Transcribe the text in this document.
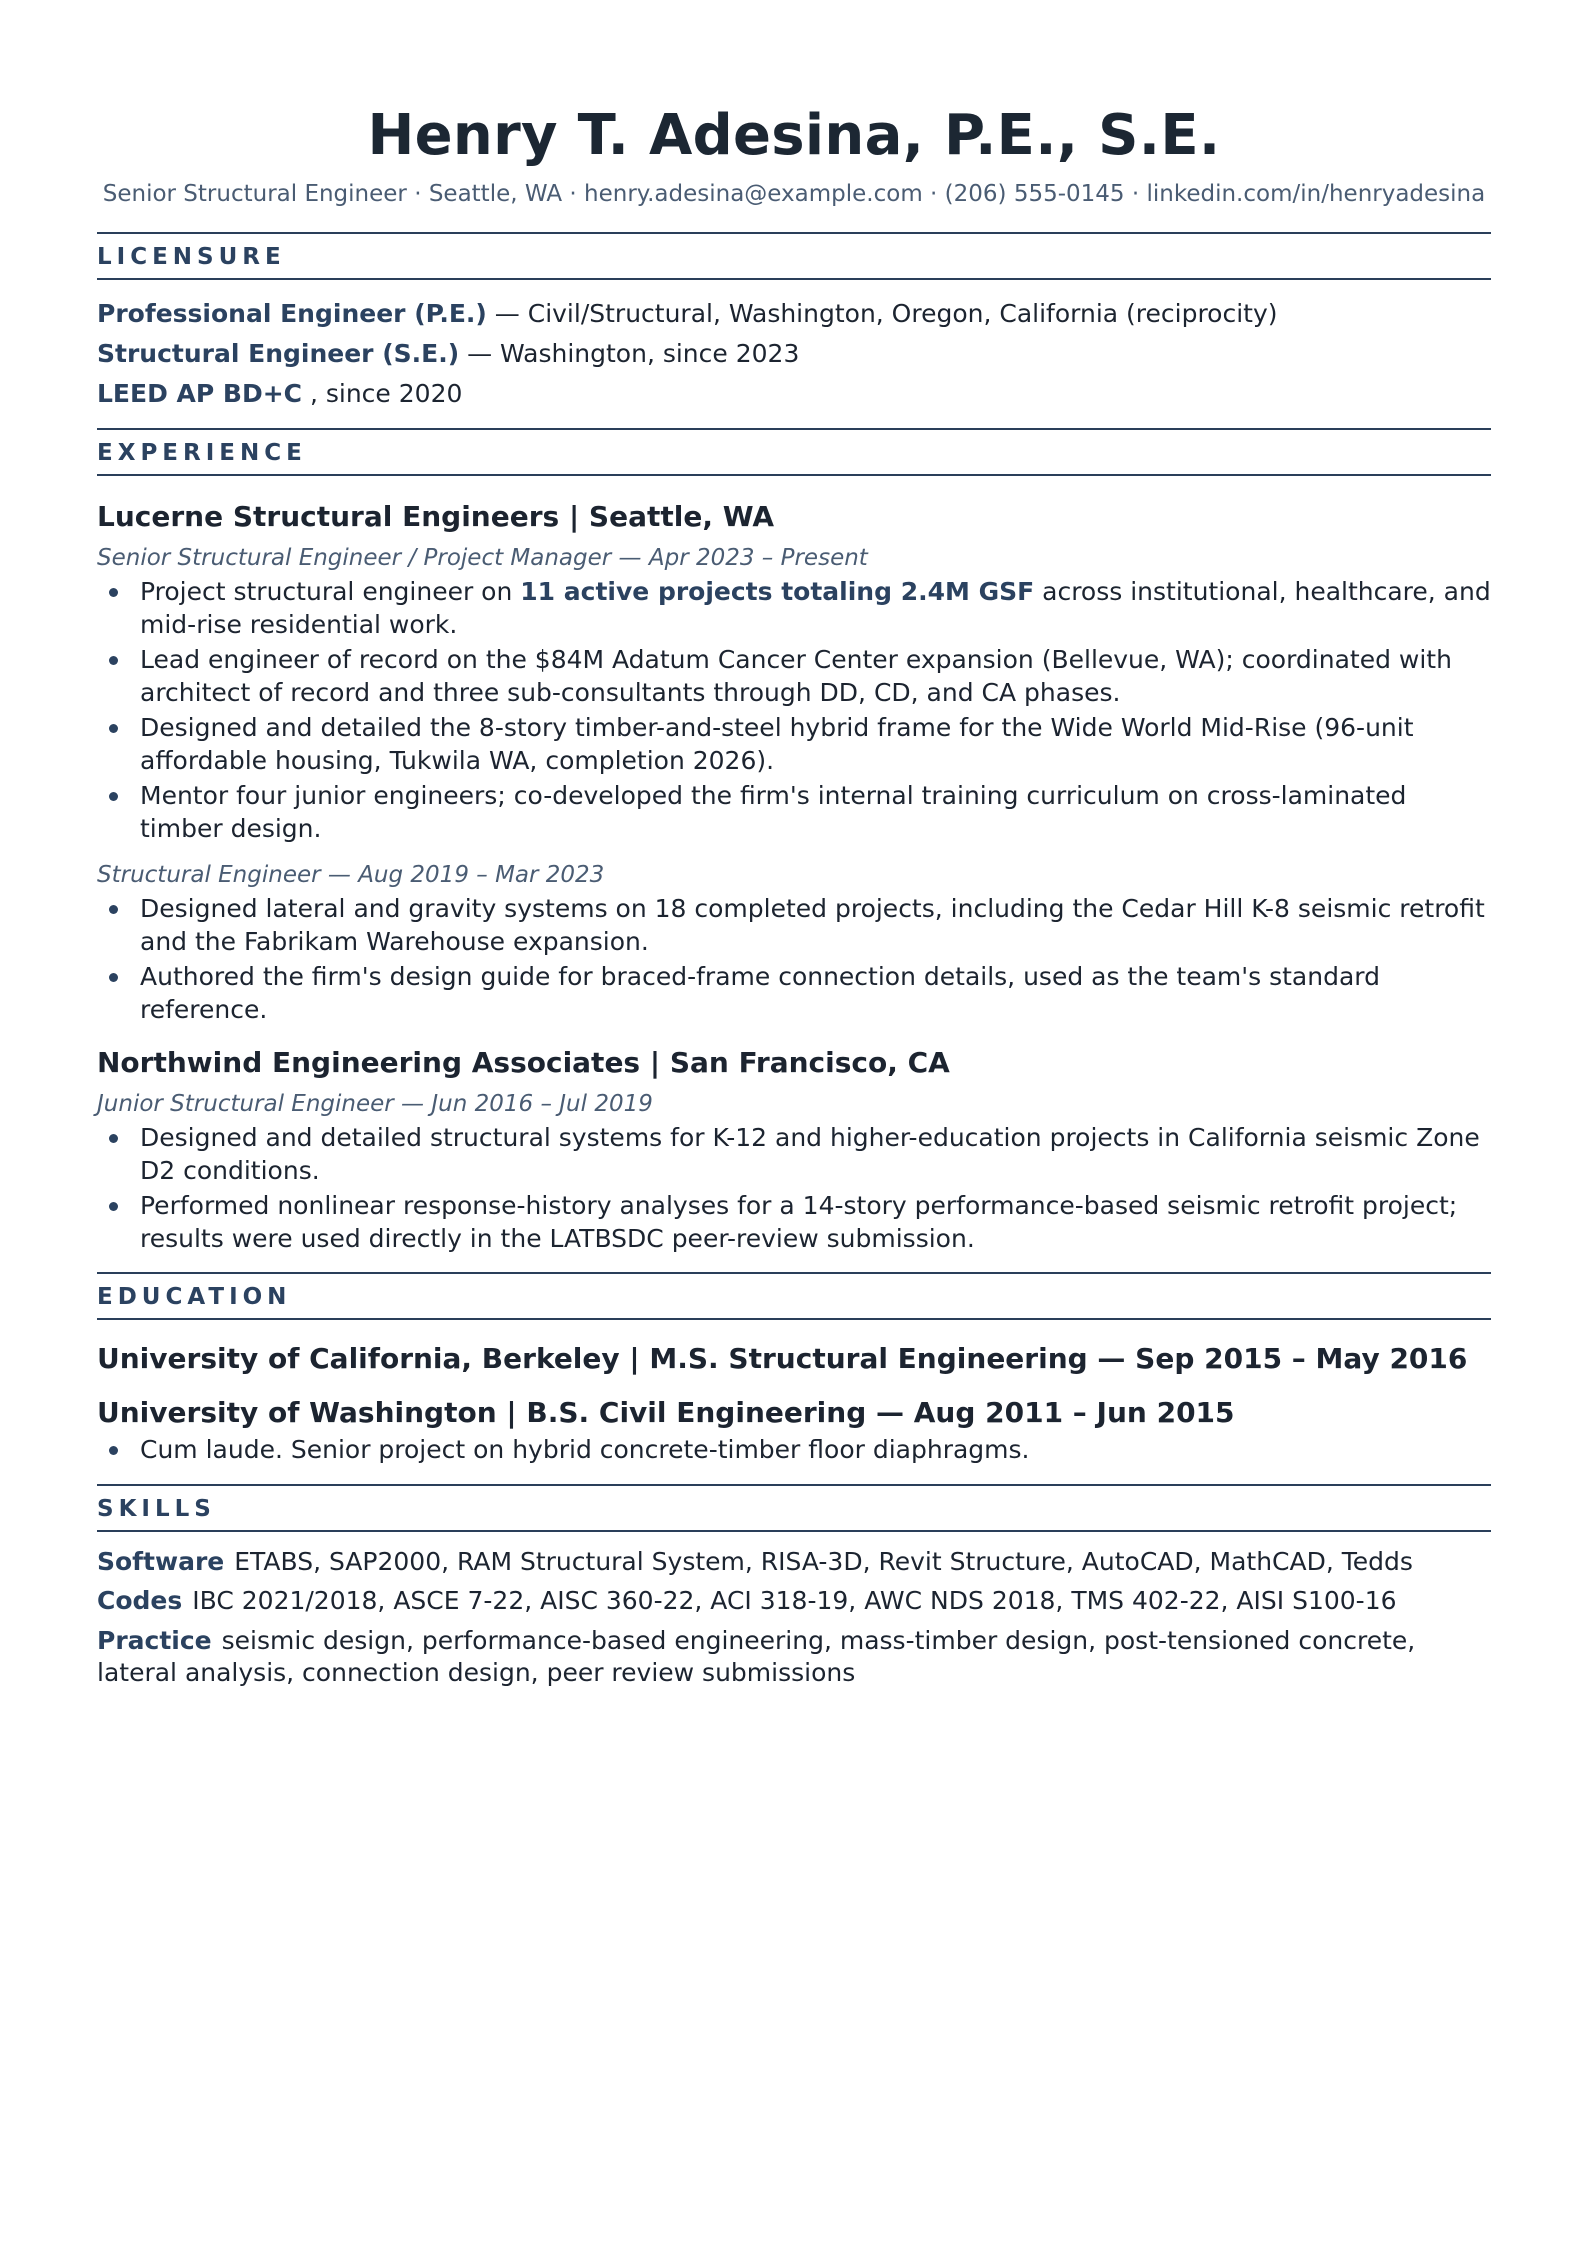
Henry T. Adesina, P.E., S.E.
Senior Structural Engineer · Seattle, WA · henry.adesina@example.com · (206) 555-0145 · linkedin.com/in/henryadesina
LICENSURE
Professional Engineer (P.E.) — Civil/Structural, Washington, Oregon, California (reciprocity)
Structural Engineer (S.E.) — Washington, since 2023
LEED AP BD+C , since 2020
EXPERIENCE
Lucerne Structural Engineers | Seattle, WA
Senior Structural Engineer / Project Manager — Apr 2023 – Present
Project structural engineer on 11 active projects totaling 2.4M GSF across institutional, healthcare, and mid-rise residential work.
Lead engineer of record on the $84M Adatum Cancer Center expansion (Bellevue, WA); coordinated with architect of record and three sub-consultants through DD, CD, and CA phases.
Designed and detailed the 8-story timber-and-steel hybrid frame for the Wide World Mid-Rise (96-unit affordable housing, Tukwila WA, completion 2026).
Mentor four junior engineers; co-developed the firm's internal training curriculum on cross-laminated timber design.
Structural Engineer — Aug 2019 – Mar 2023
Designed lateral and gravity systems on 18 completed projects, including the Cedar Hill K-8 seismic retrofit and the Fabrikam Warehouse expansion.
Authored the firm's design guide for braced-frame connection details, used as the team's standard reference.
Northwind Engineering Associates | San Francisco, CA
Junior Structural Engineer — Jun 2016 – Jul 2019
Designed and detailed structural systems for K-12 and higher-education projects in California seismic Zone D2 conditions.
Performed nonlinear response-history analyses for a 14-story performance-based seismic retrofit project; results were used directly in the LATBSDC peer-review submission.
EDUCATION
University of California, Berkeley | M.S. Structural Engineering — Sep 2015 – May 2016
University of Washington | B.S. Civil Engineering — Aug 2011 – Jun 2015
Cum laude. Senior project on hybrid concrete-timber floor diaphragms.
SKILLS
Software ETABS, SAP2000, RAM Structural System, RISA-3D, Revit Structure, AutoCAD, MathCAD, Tedds
Codes IBC 2021/2018, ASCE 7-22, AISC 360-22, ACI 318-19, AWC NDS 2018, TMS 402-22, AISI S100-16
Practice seismic design, performance-based engineering, mass-timber design, post-tensioned concrete, lateral analysis, connection design, peer review submissions
